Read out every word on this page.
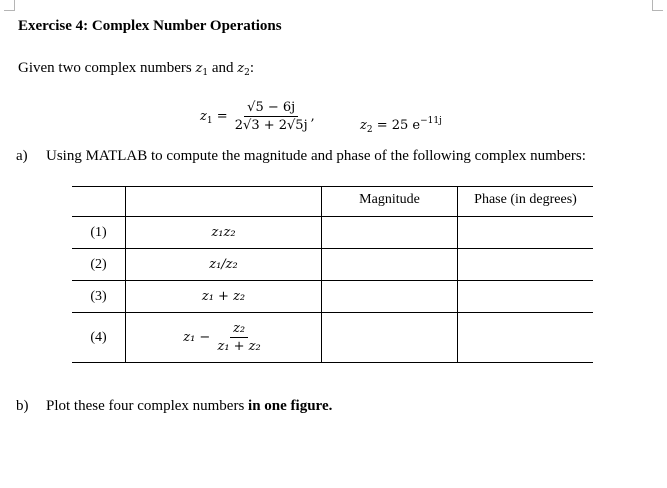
Exercise 4: Complex Number Operations
Given two complex numbers $z_1$ and $z_2$:
$z_1 = \frac{√5 - 6j}{2√3 + 2√5j}$ ,
$z_2 = 25$ $e^{-11j}$
a) Using MATLAB to compute the magnitude and phase of the following complex numbers:
		Magnitude	Phase (in degrees)
(1)	z₁z₂		
(2)	z₁/z₂		
(3)	z₁ + z₂		
(4)	$z_1 - \frac{\text{z₂}}{\text{z₁ + z₂}}$

b) Plot these four complex numbers in one figure.
